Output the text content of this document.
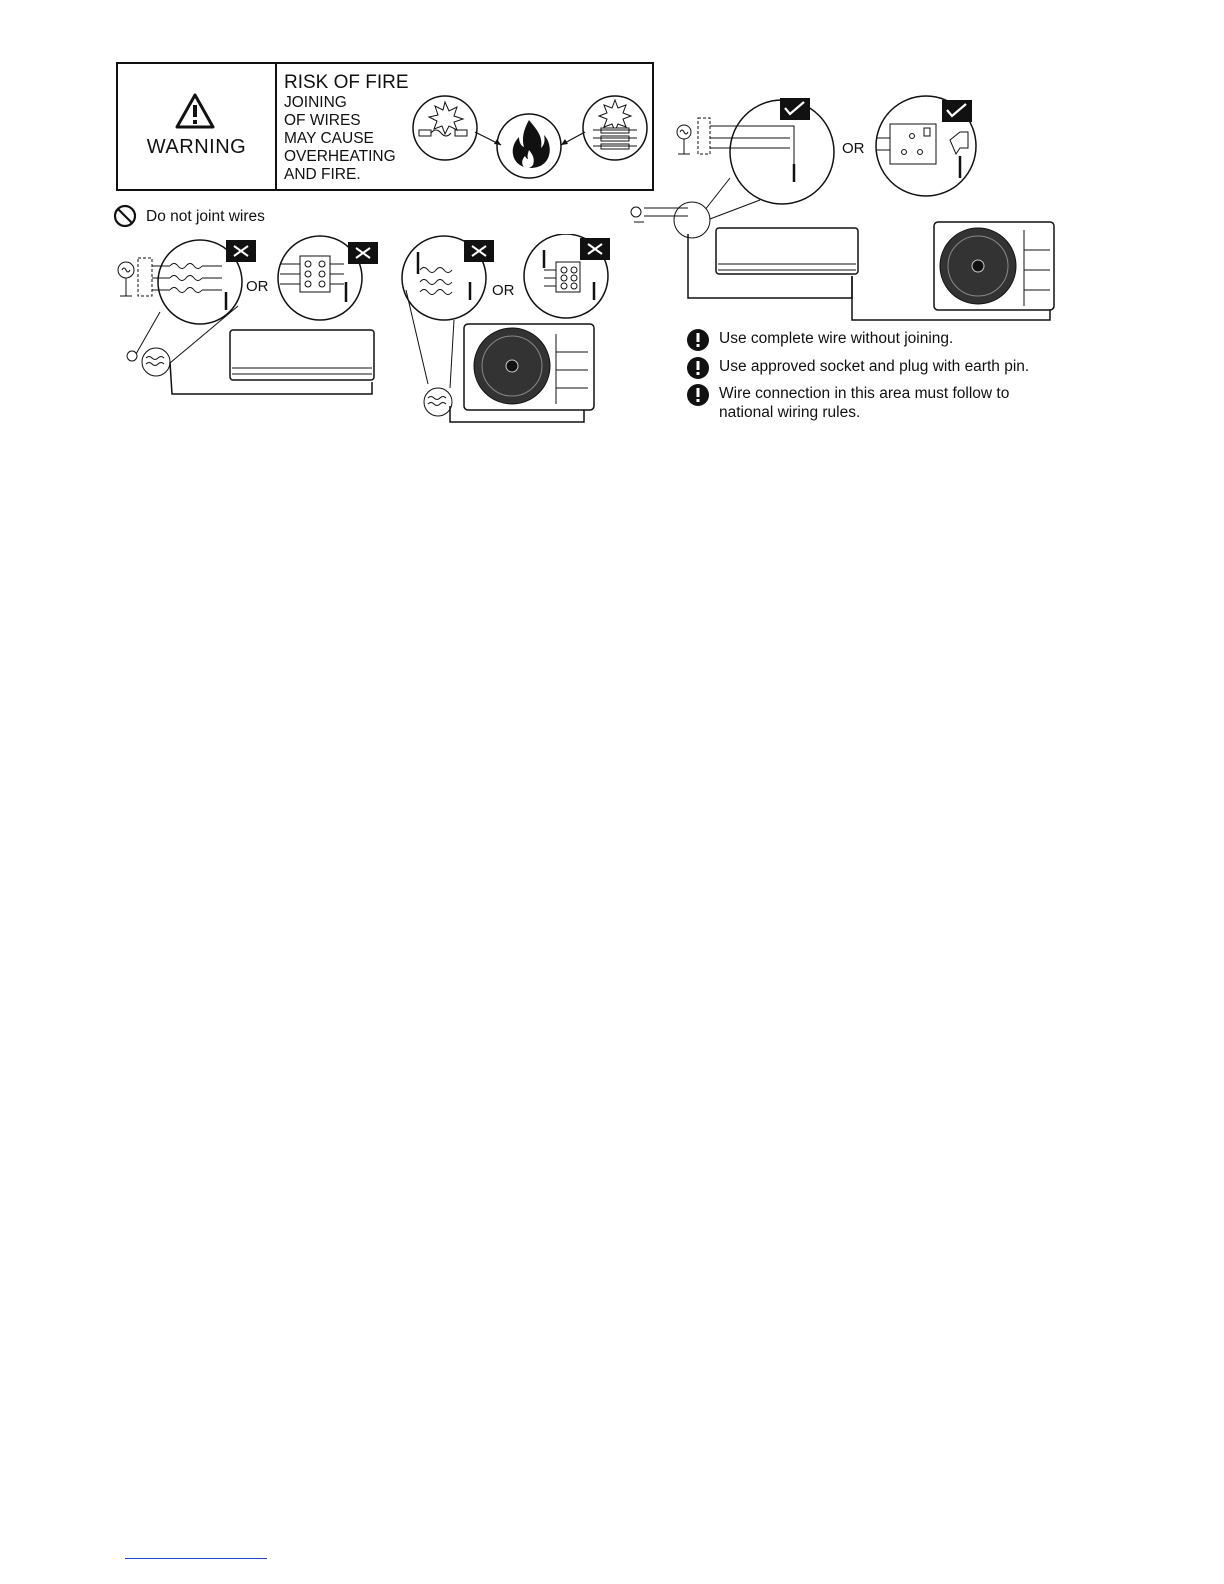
WARNING
RISK OF FIRE
JOINING
OF WIRES
MAY CAUSE
OVERHEATING
AND FIRE.
Do not joint wires
OR	OR
OR
Use complete wire without joining.
Use approved socket and plug with earth pin.
Wire connection in this area must follow to national wiring rules.
